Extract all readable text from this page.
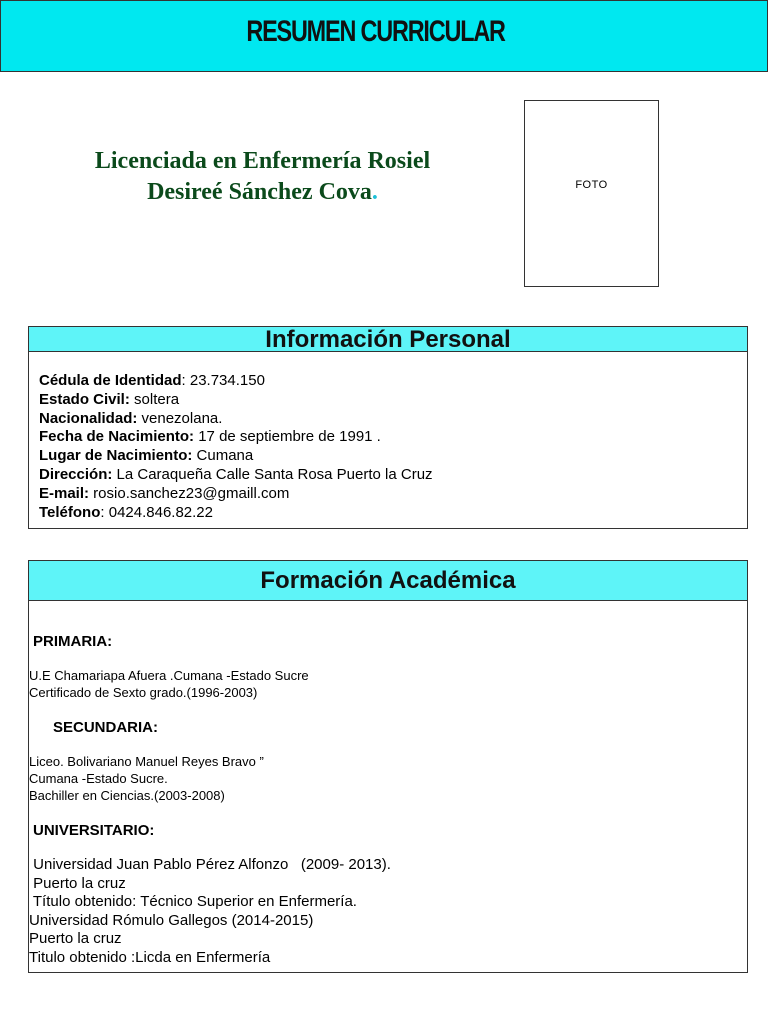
RESUMEN CURRICULAR
Licenciada en Enfermería Rosiel
Desireé Sánchez Cova.	FOTO
Información Personal
Cédula de Identidad: 23.734.150
Estado Civil: soltera
Nacionalidad: venezolana.
Fecha de Nacimiento: 17 de septiembre de 1991 .
Lugar de Nacimiento: Cumana
Dirección: La Caraqueña Calle Santa Rosa Puerto la Cruz
E-mail: rosio.sanchez23@gmaill.com
Teléfono: 0424.846.82.22
Formación Académica
PRIMARIA:
U.E Chamariapa Afuera .Cumana -Estado Sucre
Certificado de Sexto grado.(1996-2003)
SECUNDARIA:
Liceo. Bolivariano Manuel Reyes Bravo ”
Cumana -Estado Sucre.
Bachiller en Ciencias.(2003-2008)
UNIVERSITARIO:
Universidad Juan Pablo Pérez Alfonzo   (2009- 2013).
Puerto la cruz
Título obtenido: Técnico Superior en Enfermería.
Universidad Rómulo Gallegos (2014-2015)
Puerto la cruz
Titulo obtenido :Licda en Enfermería
